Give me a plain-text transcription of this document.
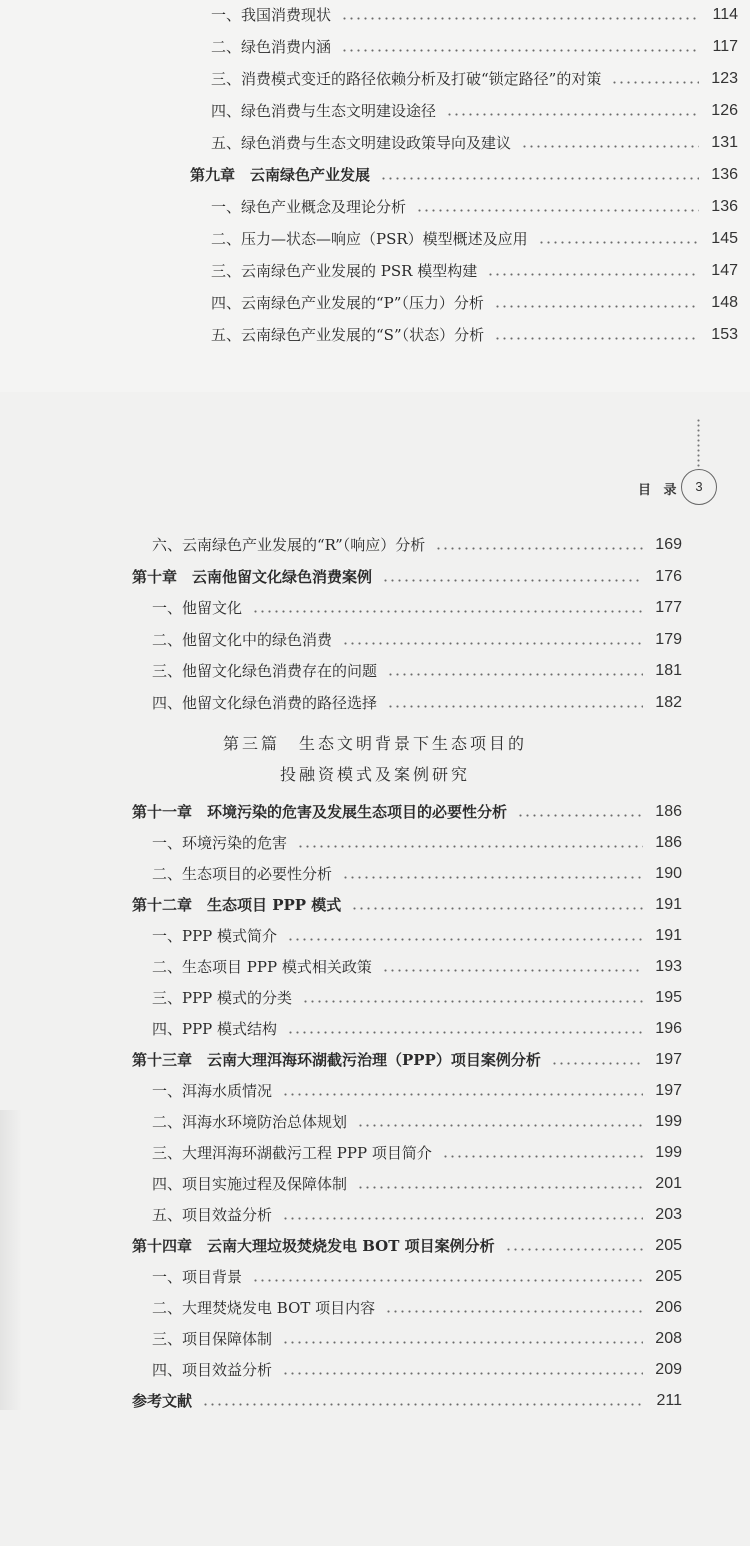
目 录	3
第三篇　生态文明背景下生态项目的
投融资模式及案例研究
一、我国消费现状	114
二、绿色消费内涵	117
三、消费模式变迁的路径依赖分析及打破“锁定路径”的对策	123
四、绿色消费与生态文明建设途径	126
五、绿色消费与生态文明建设政策导向及建议	131
第九章　云南绿色产业发展	136
一、绿色产业概念及理论分析	136
二、压力—状态—响应（PSR）模型概述及应用	145
三、云南绿色产业发展的 PSR 模型构建	147
四、云南绿色产业发展的“P”（压力）分析	148
五、云南绿色产业发展的“S”（状态）分析	153
六、云南绿色产业发展的“R”（响应）分析	169
第十章　云南他留文化绿色消费案例	176
一、他留文化	177
二、他留文化中的绿色消费	179
三、他留文化绿色消费存在的问题	181
四、他留文化绿色消费的路径选择	182
第十一章　环境污染的危害及发展生态项目的必要性分析	186
一、环境污染的危害	186
二、生态项目的必要性分析	190
第十二章　生态项目 PPP 模式	191
一、PPP 模式简介	191
二、生态项目 PPP 模式相关政策	193
三、PPP 模式的分类	195
四、PPP 模式结构	196
第十三章　云南大理洱海环湖截污治理（PPP）项目案例分析	197
一、洱海水质情况	197
二、洱海水环境防治总体规划	199
三、大理洱海环湖截污工程 PPP 项目简介	199
四、项目实施过程及保障体制	201
五、项目效益分析	203
第十四章　云南大理垃圾焚烧发电 BOT 项目案例分析	205
一、项目背景	205
二、大理焚烧发电 BOT 项目内容	206
三、项目保障体制	208
四、项目效益分析	209
参考文献	211
